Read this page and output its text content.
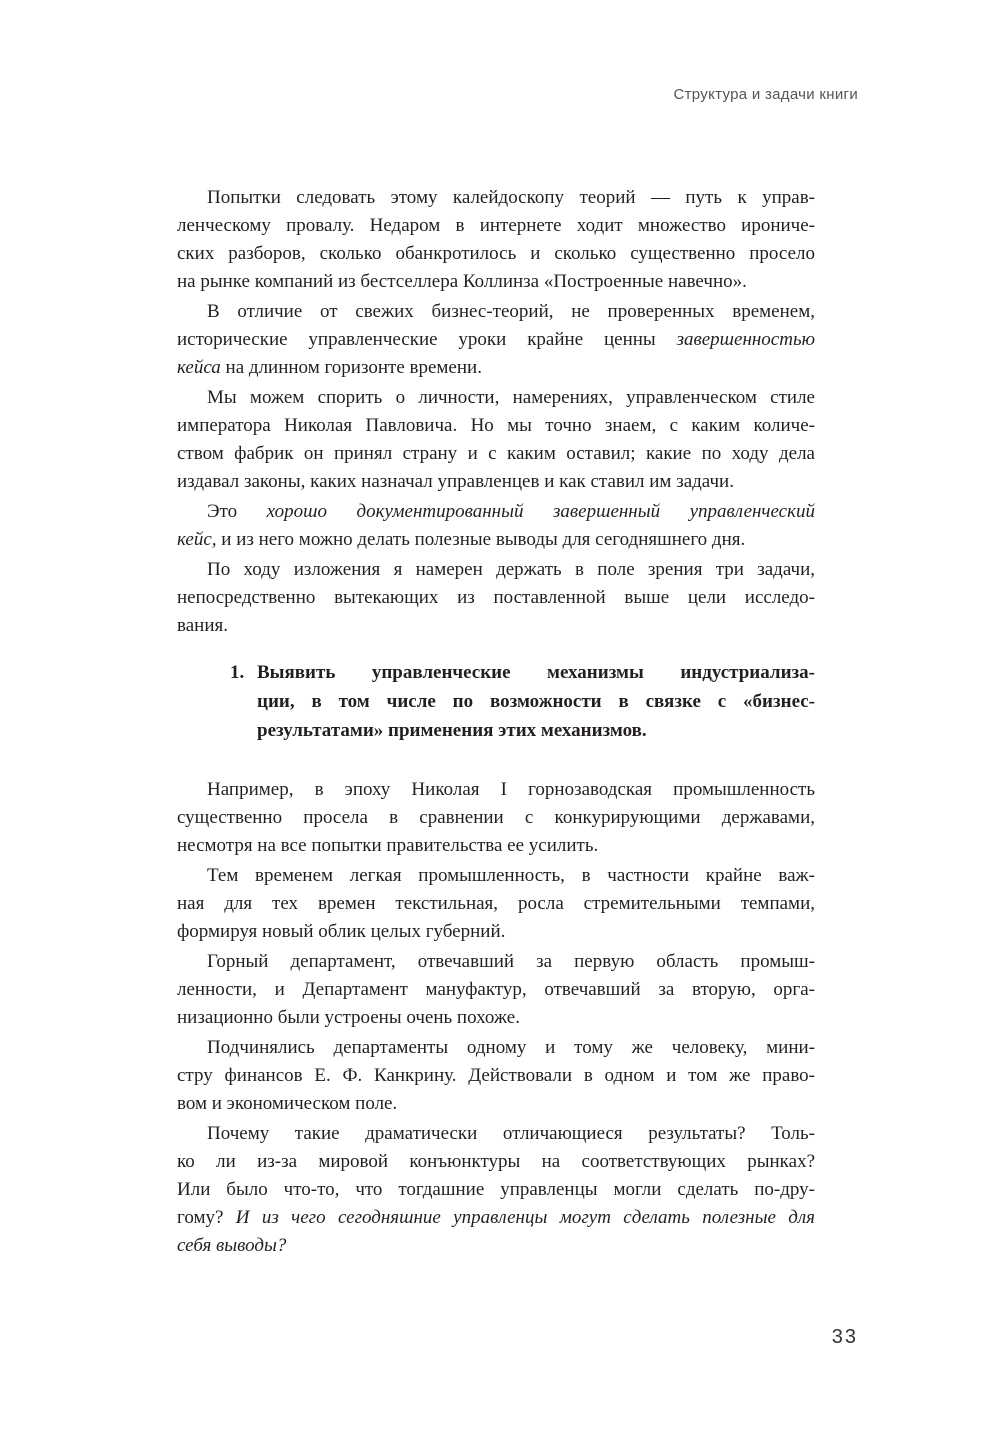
Структура и задачи книги
Попытки следовать этому калейдоскопу теорий — путь к управ-
ленческому провалу. Недаром в интернете ходит множество ирониче-
ских разборов, сколько обанкротилось и сколько существенно просело
на рынке компаний из бестселлера Коллинза «Построенные навечно».
В отличие от свежих бизнес-теорий, не проверенных временем,
исторические управленческие уроки крайне ценны завершенностью
кейса на длинном горизонте времени.
Мы можем спорить о личности, намерениях, управленческом стиле
императора Николая Павловича. Но мы точно знаем, с каким количе-
ством фабрик он принял страну и с каким оставил; какие по ходу дела
издавал законы, каких назначал управленцев и как ставил им задачи.
Это хорошо документированный завершенный управленческий
кейс, и из него можно делать полезные выводы для сегодняшнего дня.
По ходу изложения я намерен держать в поле зрения три задачи,
непосредственно вытекающих из поставленной выше цели исследо-
вания.
1. Выявить управленческие механизмы индустриализа-
ции, в том числе по возможности в связке с «бизнес-
результатами» применения этих механизмов.
Например, в эпоху Николая I горнозаводская промышленность
существенно просела в сравнении с конкурирующими державами,
несмотря на все попытки правительства ее усилить.
Тем временем легкая промышленность, в частности крайне важ-
ная для тех времен текстильная, росла стремительными темпами,
формируя новый облик целых губерний.
Горный департамент, отвечавший за первую область промыш-
ленности, и Департамент мануфактур, отвечавший за вторую, орга-
низационно были устроены очень похоже.
Подчинялись департаменты одному и тому же человеку, мини-
стру финансов Е. Ф. Канкрину. Действовали в одном и том же право-
вом и экономическом поле.
Почему такие драматически отличающиеся результаты? Толь-
ко ли из-за мировой конъюнктуры на соответствующих рынках?
Или было что-то, что тогдашние управленцы могли сделать по-дру-
гому? И из чего сегодняшние управленцы могут сделать полезные для
себя выводы?
33
